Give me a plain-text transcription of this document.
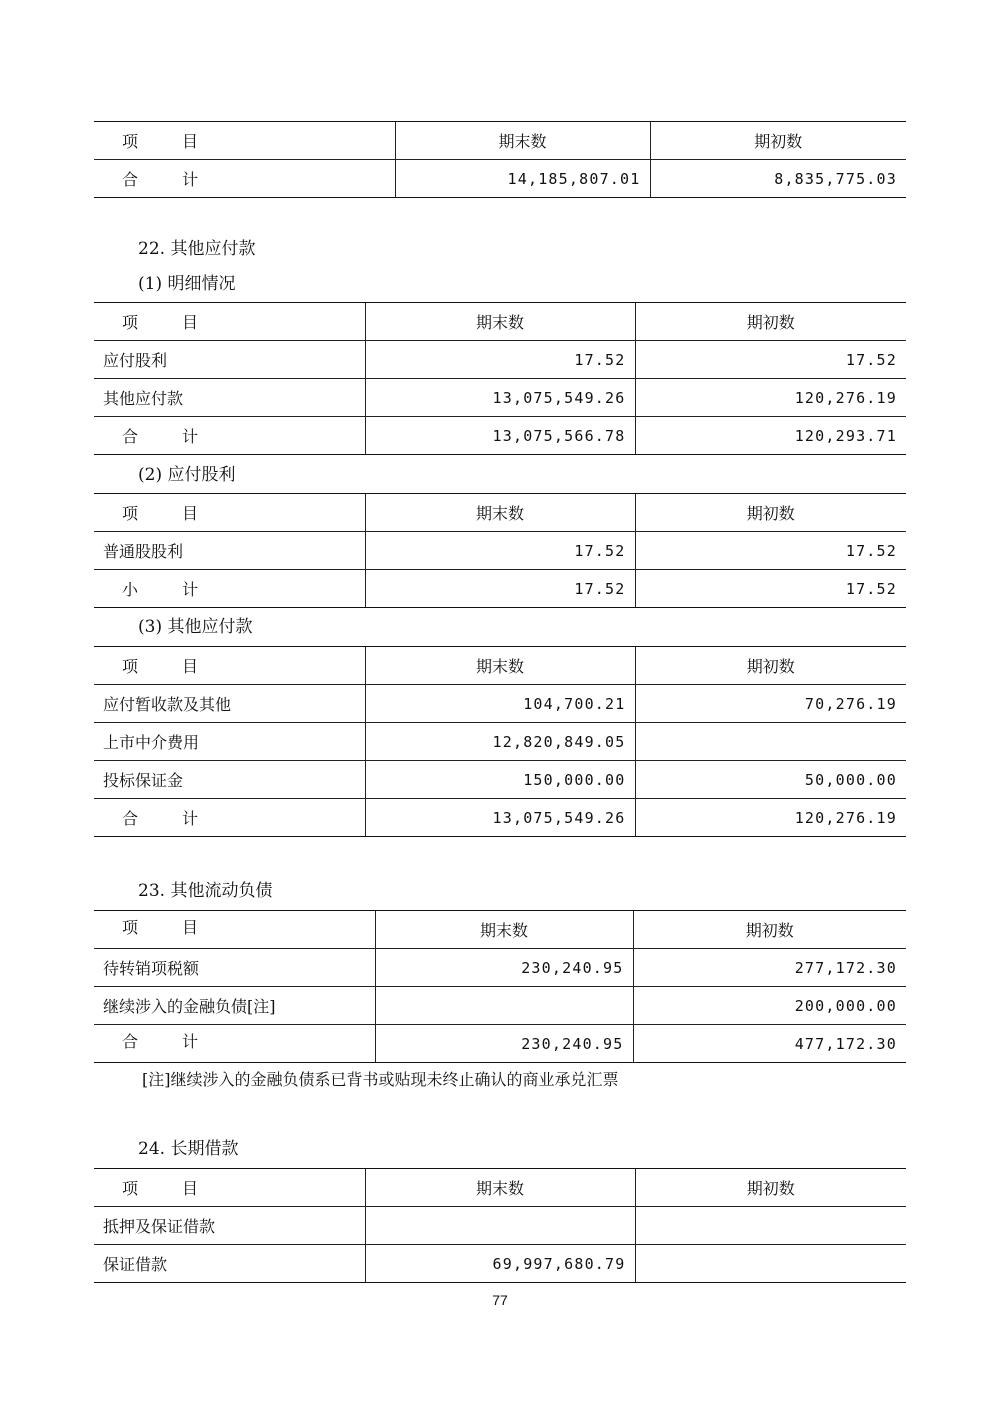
项　目	期末数	期初数
合　计	14,185,807.01	8,835,775.03
22. 其他应付款
(1) 明细情况
项　目	期末数	期初数
应付股利	17.52	17.52
其他应付款	13,075,549.26	120,276.19
合　计	13,075,566.78	120,293.71
(2) 应付股利
项　目	期末数	期初数
普通股股利	17.52	17.52
小　计	17.52	17.52
(3) 其他应付款
项　目	期末数	期初数
应付暂收款及其他	104,700.21	70,276.19
上市中介费用	12,820,849.05	
投标保证金	150,000.00	50,000.00
合　计	13,075,549.26	120,276.19
23. 其他流动负债
项　目	期末数	期初数
待转销项税额	230,240.95	277,172.30
继续涉入的金融负债[注]		200,000.00
合　计	230,240.95	477,172.30
[注]继续涉入的金融负债系已背书或贴现未终止确认的商业承兑汇票
24. 长期借款
项　目	期末数	期初数
抵押及保证借款		
保证借款	69,997,680.79	
77
